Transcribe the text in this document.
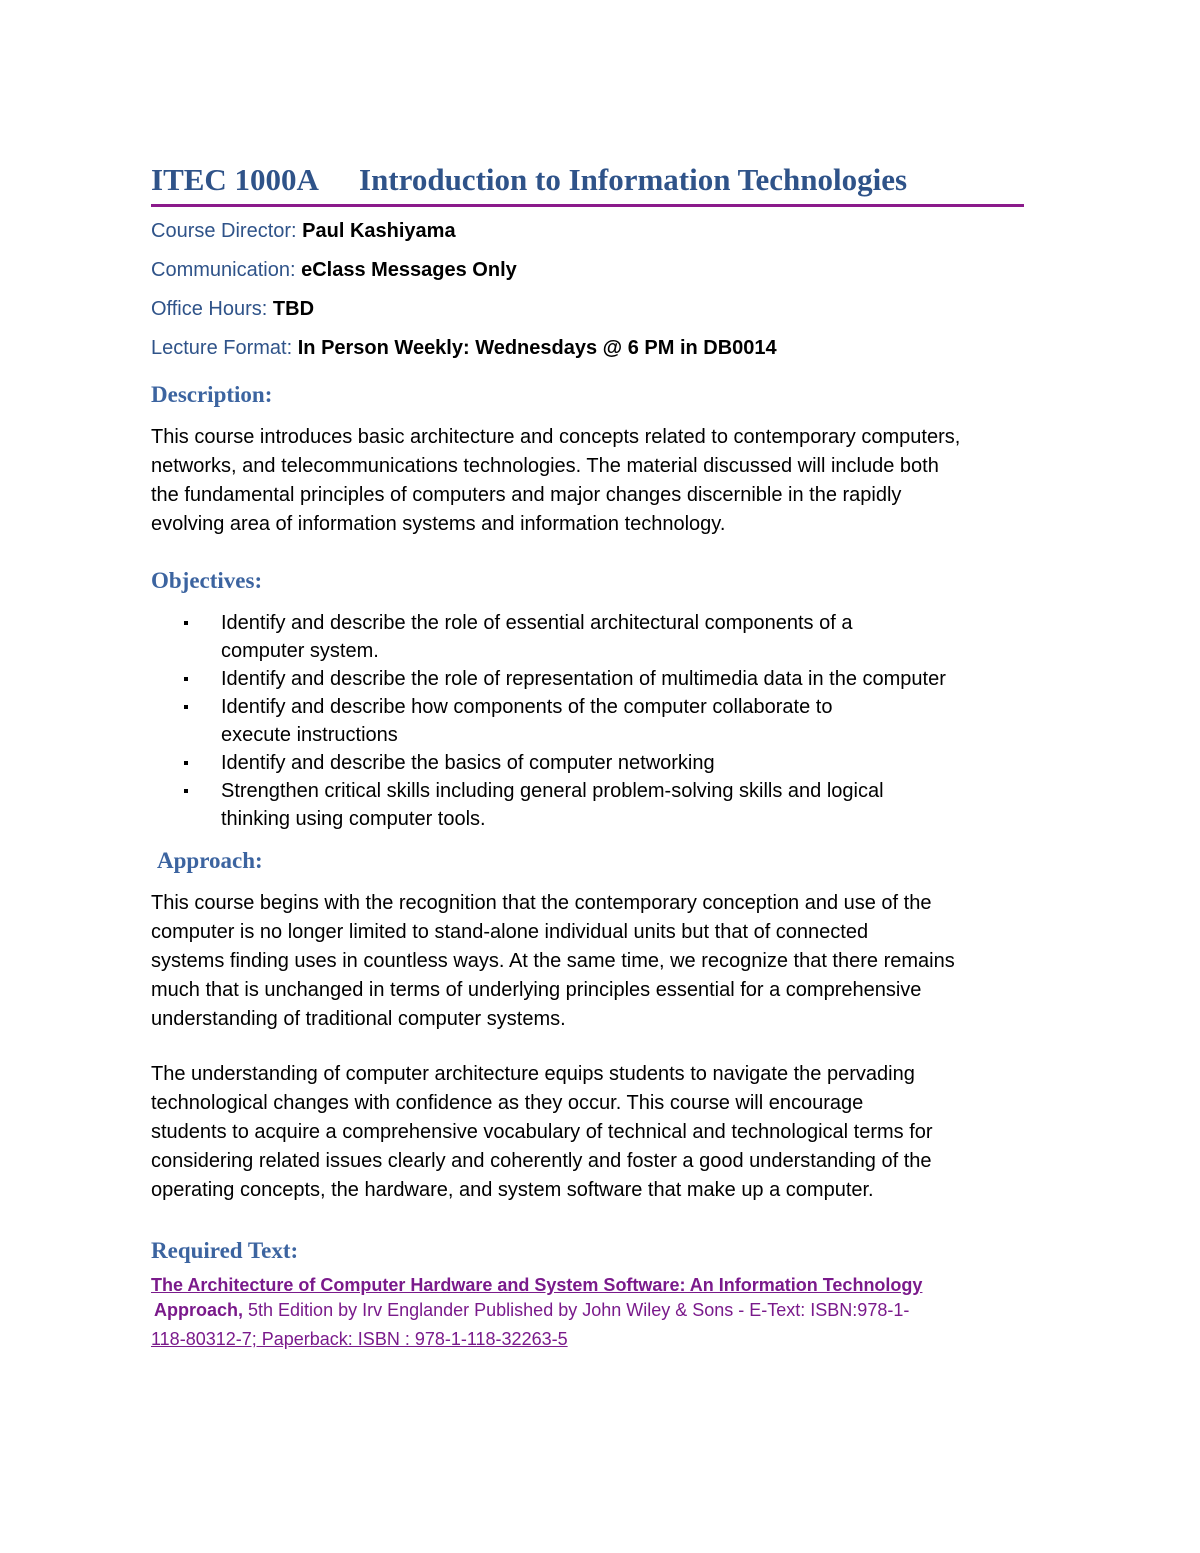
ITEC 1000A Introduction to Information Technologies
Course Director: Paul Kashiyama
Communication: eClass Messages Only
Office Hours: TBD
Lecture Format: In Person Weekly: Wednesdays @ 6 PM in DB0014
Description:
This course introduces basic architecture and concepts related to contemporary computers,
networks, and telecommunications technologies. The material discussed will include both
the fundamental principles of computers and major changes discernible in the rapidly
evolving area of information systems and information technology.
Objectives:
Identify and describe the role of essential architectural components of a
computer system.
Identify and describe the role of representation of multimedia data in the computer
Identify and describe how components of the computer collaborate to
execute instructions
Identify and describe the basics of computer networking
Strengthen critical skills including general problem-solving skills and logical
thinking using computer tools.
Approach:
This course begins with the recognition that the contemporary conception and use of the
computer is no longer limited to stand-alone individual units but that of connected
systems finding uses in countless ways. At the same time, we recognize that there remains
much that is unchanged in terms of underlying principles essential for a comprehensive
understanding of traditional computer systems.
The understanding of computer architecture equips students to navigate the pervading
technological changes with confidence as they occur. This course will encourage
students to acquire a comprehensive vocabulary of technical and technological terms for
considering related issues clearly and coherently and foster a good understanding of the
operating concepts, the hardware, and system software that make up a computer.
Required Text:
The Architecture of Computer Hardware and System Software: An Information Technology
Approach, 5th Edition by Irv Englander Published by John Wiley & Sons - E-Text: ISBN:978-1-
118-80312-7; Paperback: ISBN : 978-1-118-32263-5
